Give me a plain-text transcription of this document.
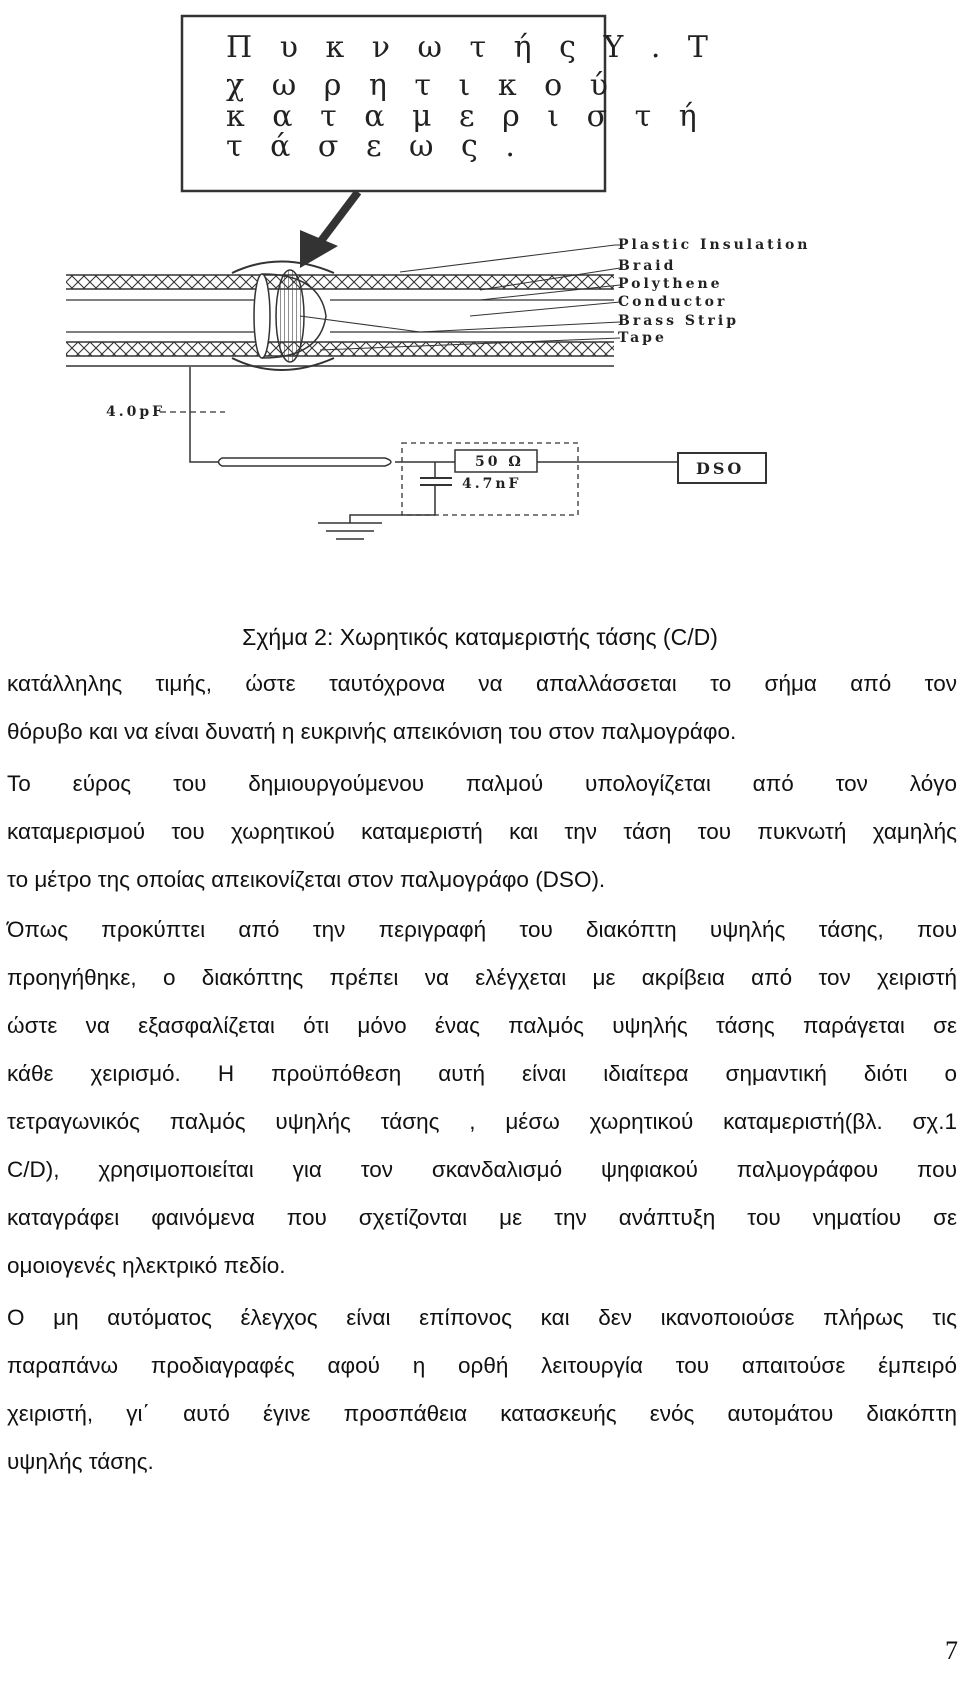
Π υ κ ν ω τ ή ς Υ . Τ
χ ω ρ η τ ι κ ο ύ
κ α τ α μ ε ρ ι σ τ ή
τ ά σ ε ω ς .
Plastic Insulation
Braid
Polythene
Conductor
Brass Strip
Tape
4.0pF
50 Ω
4.7nF
DSO
Σχήμα 2: Χωρητικός καταμεριστής τάσης (C/D)

κατάλληλης τιμής, ώστε ταυτόχρονα να απαλλάσσεται το σήμα από τον

θόρυβο και να είναι δυνατή η ευκρινής απεικόνιση του στον παλμογράφο.

Το εύρος του δημιουργούμενου παλμού υπολογίζεται από τον λόγο

καταμερισμού του χωρητικού καταμεριστή και την τάση του πυκνωτή χαμηλής

το μέτρο της οποίας απεικονίζεται στον παλμογράφο (DSO).

Όπως προκύπτει από την περιγραφή του διακόπτη υψηλής τάσης, που

προηγήθηκε, ο διακόπτης πρέπει να ελέγχεται με ακρίβεια από τον χειριστή

ώστε να εξασφαλίζεται ότι μόνο ένας παλμός υψηλής τάσης παράγεται σε

κάθε χειρισμό. Η προϋπόθεση αυτή είναι ιδιαίτερα σημαντική διότι ο

τετραγωνικός παλμός υψηλής τάσης , μέσω χωρητικού καταμεριστή(βλ. σχ.1

C/D), χρησιμοποιείται για τον σκανδαλισμό ψηφιακού παλμογράφου που

καταγράφει φαινόμενα που σχετίζονται με την ανάπτυξη του νηματίου σε

ομοιογενές ηλεκτρικό πεδίο.

Ο μη αυτόματος έλεγχος είναι επίπονος και δεν ικανοποιούσε πλήρως τις

παραπάνω προδιαγραφές αφού η ορθή λειτουργία του απαιτούσε έμπειρό

χειριστή, γι΄ αυτό έγινε προσπάθεια κατασκευής ενός αυτομάτου διακόπτη

υψηλής τάσης.

7
